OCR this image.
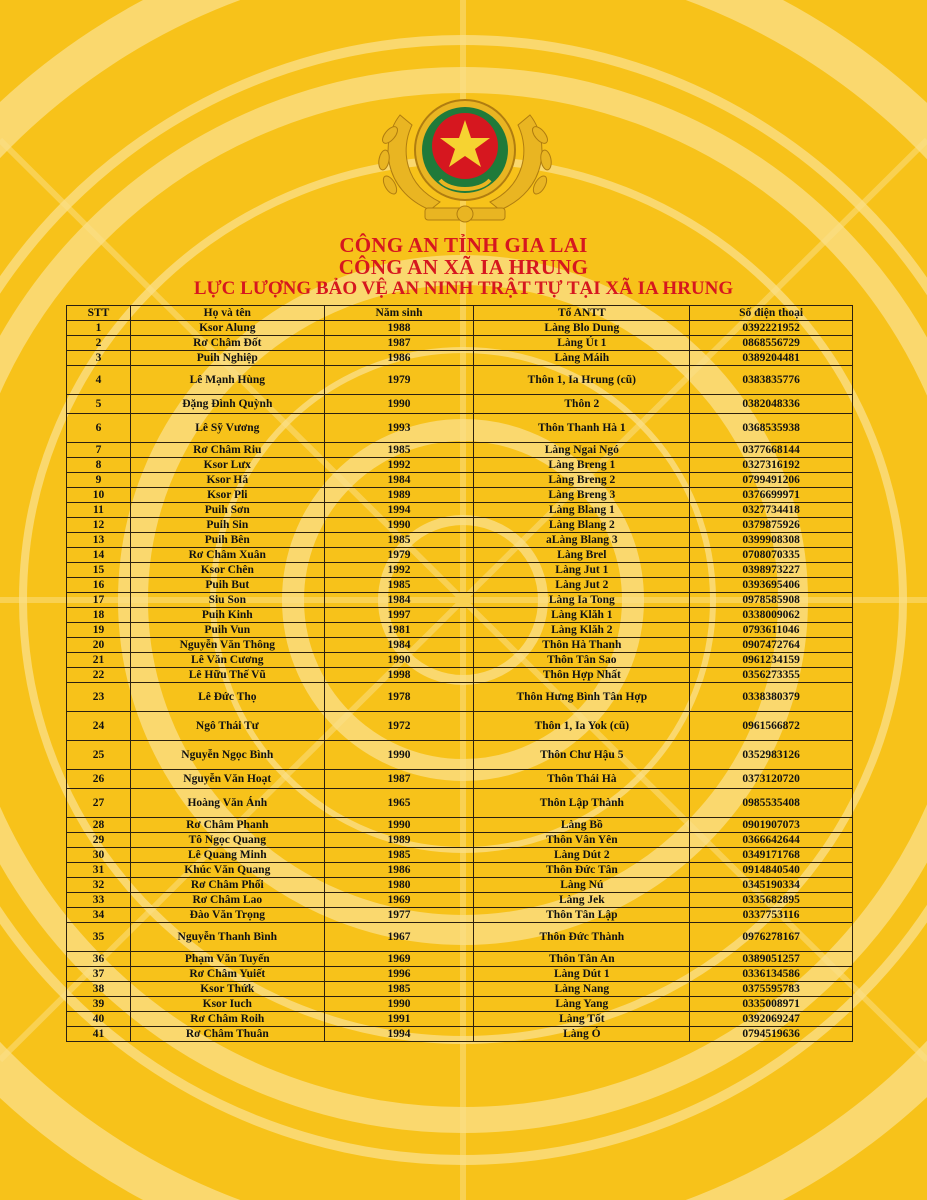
CÔNG AN TỈNH GIA LAI
CÔNG AN XÃ IA HRUNG
LỰC LƯỢNG BẢO VỆ AN NINH TRẬT TỰ TẠI XÃ IA HRUNG
STT	Họ và tên	Năm sinh	Tổ ANTT	Số điện thoại
1	Ksor Alung	1988	Làng Blo Dung	0392221952
2	Rơ Châm Đốt	1987	Làng Út 1	0868556729
3	Puih Nghiệp	1986	Làng Máih	0389204481
4	Lê Mạnh Hùng	1979	Thôn 1, Ia Hrung (cũ)	0383835776
5	Đặng Đình Quỳnh	1990	Thôn 2	0382048336
6	Lê Sỹ Vương	1993	Thôn Thanh Hà 1	0368535938
7	Rơ Châm Riu	1985	Làng Ngai Ngó	0377668144
8	Ksor Lưx	1992	Làng Breng 1	0327316192
9	Ksor Hă	1984	Làng Breng 2	0799491206
10	Ksor Pli	1989	Làng Breng 3	0376699971
11	Puih Sơn	1994	Làng Blang 1	0327734418
12	Puih Sin	1990	Làng Blang 2	0379875926
13	Puih Bên	1985	aLàng Blang 3	0399908308
14	Rơ Châm Xuân	1979	Làng Brel	0708070335
15	Ksor Chên	1992	Làng Jut 1	0398973227
16	Puih But	1985	Làng Jut 2	0393695406
17	Siu Son	1984	Làng Ia Tong	0978585908
18	Puih Kinh	1997	Làng Klăh 1	0338009062
19	Puih Vun	1981	Làng Klăh 2	0793611046
20	Nguyễn Văn Thông	1984	Thôn Hà Thanh	0907472764
21	Lê Văn Cương	1990	Thôn Tân Sao	0961234159
22	Lê Hữu Thế Vũ	1998	Thôn Hợp Nhất	0356273355
23	Lê Đức Thọ	1978	Thôn Hưng Bình Tân Hợp	0338380379
24	Ngô Thái Tư	1972	Thôn 1, Ia Yok (cũ)	0961566872
25	Nguyễn Ngọc Bình	1990	Thôn Chư Hậu 5	0352983126
26	Nguyễn Văn Hoạt	1987	Thôn Thái Hà	0373120720
27	Hoàng Văn Ánh	1965	Thôn Lập Thành	0985535408
28	Rơ Châm Phanh	1990	Làng Bồ	0901907073
29	Tô Ngọc Quang	1989	Thôn Vân Yên	0366642644
30	Lê Quang Minh	1985	Làng Dút 2	0349171768
31	Khúc Văn Quang	1986	Thôn Đức Tân	0914840540
32	Rơ Châm Phối	1980	Làng Nú	0345190334
33	Rơ Châm Lao	1969	Làng Jek	0335682895
34	Đào Văn Trọng	1977	Thôn Tân Lập	0337753116
35	Nguyễn Thanh Bình	1967	Thôn Đức Thành	0976278167
36	Phạm Văn Tuyến	1969	Thôn Tân An	0389051257
37	Rơ Châm Yuiết	1996	Làng Dút 1	0336134586
38	Ksor Thứk	1985	Làng Nang	0375595783
39	Ksor Iuch	1990	Làng Yang	0335008971
40	Rơ Châm Roih	1991	Làng Tốt	0392069247
41	Rơ Châm Thuân	1994	Làng Ó	0794519636
